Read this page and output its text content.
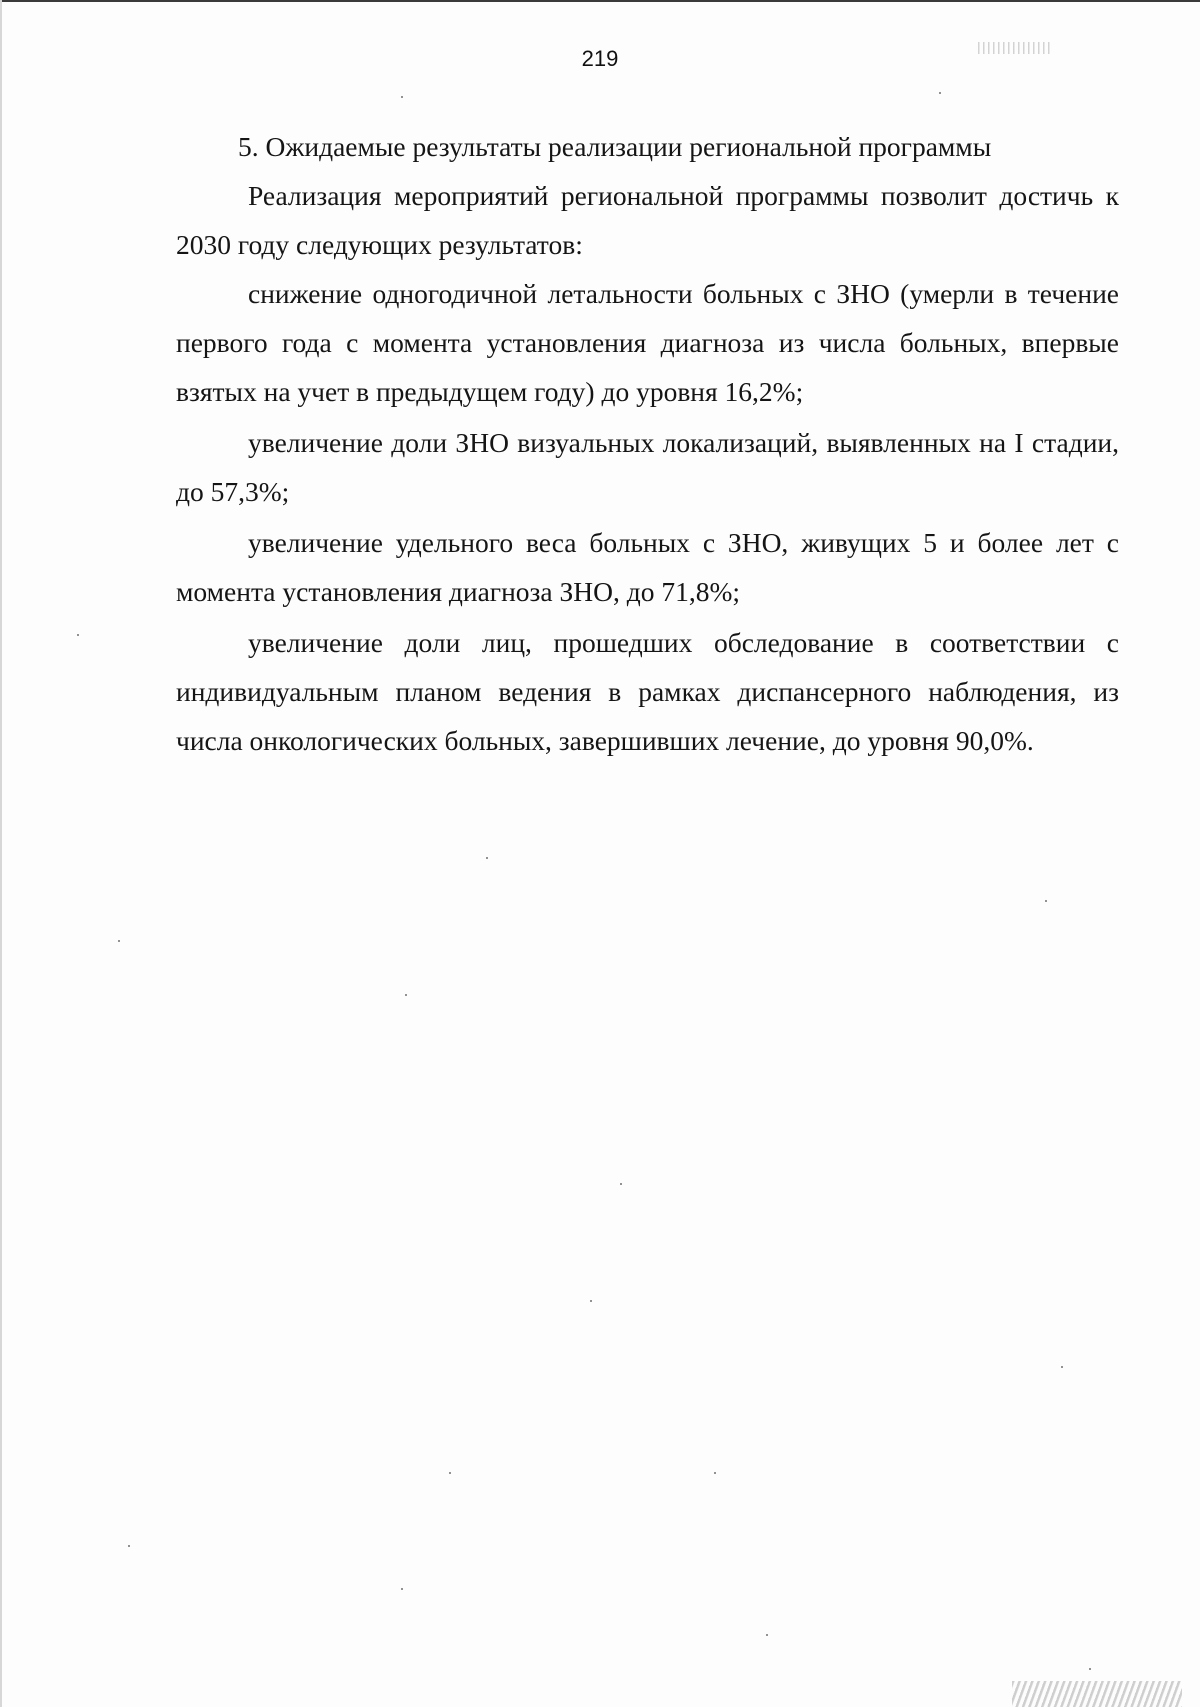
219
5. Ожидаемые результаты реализации региональной программы

Реализация мероприятий региональной программы позволит достичь к 2030 году следующих результатов:

снижение одногодичной летальности больных с ЗНО (умерли в течение первого года с момента установления диагноза из числа больных, впервые взятых на учет в предыдущем году) до уровня 16,2%;

увеличение доли ЗНО визуальных локализаций, выявленных на I стадии, до 57,3%;

увеличение удельного веса больных с ЗНО, живущих 5 и более лет с момента установления диагноза ЗНО, до 71,8%;

увеличение доли лиц, прошедших обследование в соответствии с индивидуальным планом ведения в рамках диспансерного наблюдения, из числа онкологических больных, завершивших лечение, до уровня 90,0%.
